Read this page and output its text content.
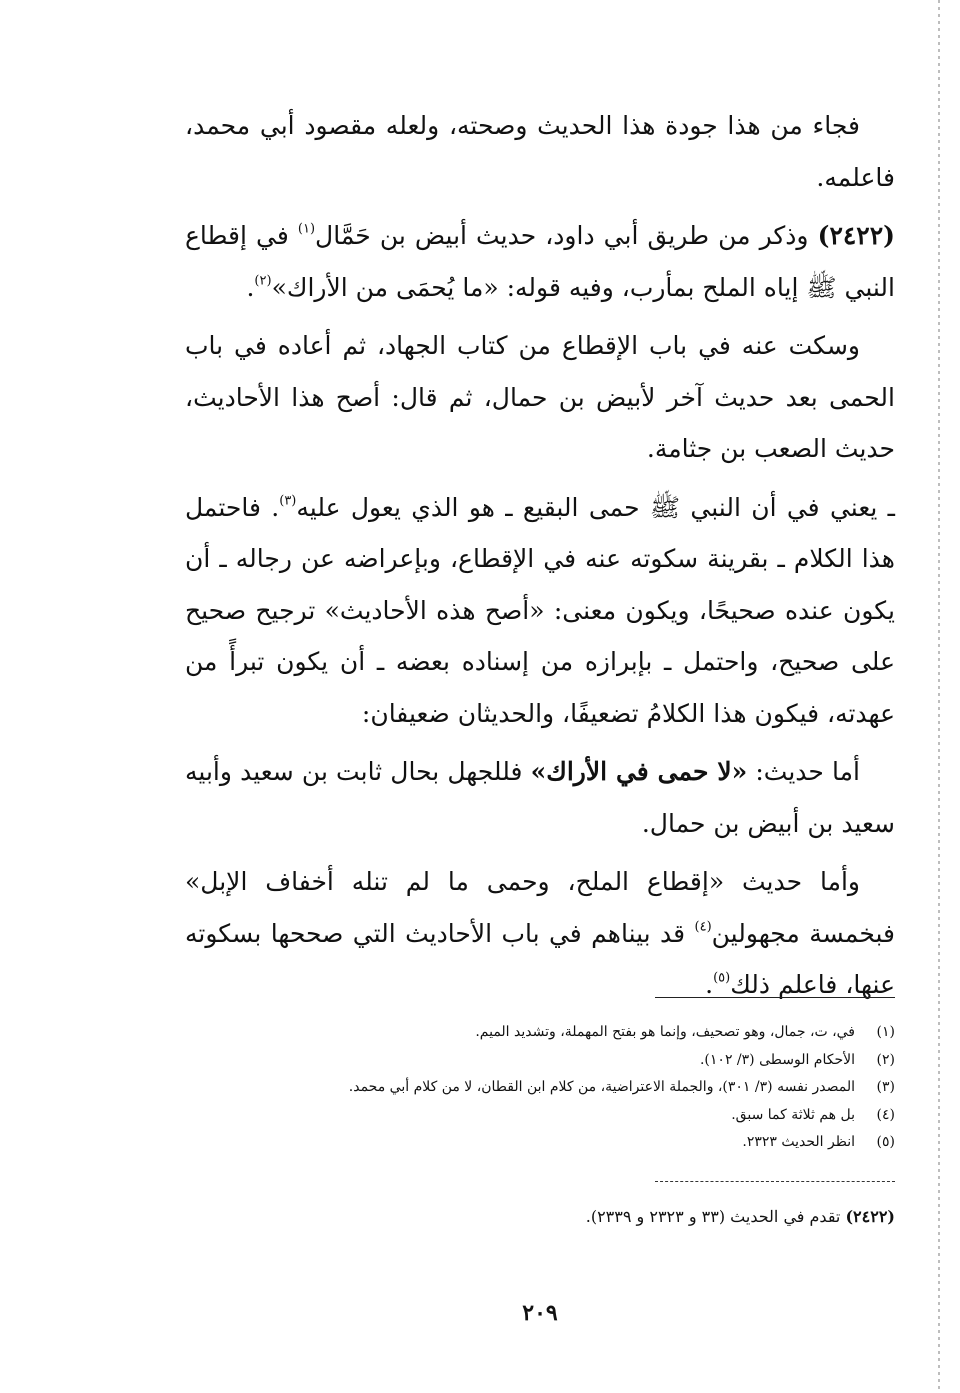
فجاء من هذا جودة هذا الحديث وصحته، ولعله مقصود أبي محمد، فاعلمه.

(٢٤٢٢) وذكر من طريق أبي داود، حديث أبيض بن حَمَّال$^{(١)}$ في إقطاع النبي ﷺ إياه الملح بمأرب، وفيه قوله: «ما يُحمَى من الأراك»$^{(٢)}$.

وسكت عنه في باب الإقطاع من كتاب الجهاد، ثم أعاده في باب الحمى بعد حديث آخر لأبيض بن حمال، ثم قال: أصح هذا الأحاديث، حديث الصعب بن جثامة.

ـ يعني في أن النبي ﷺ حمى البقيع ـ هو الذي يعول عليه$^{(٣)}$. فاحتمل هذا الكلام ـ بقرينة سكوته عنه في الإقطاع، وبإعراضه عن رجاله ـ أن يكون عنده صحيحًا، ويكون معنى: «أصح هذه الأحاديث» ترجيح صحيح على صحيح، واحتمل ـ بإبرازه من إسناده بعضه ـ أن يكون تبرأً من عهدته، فيكون هذا الكلامُ تضعيفًا، والحديثان ضعيفان:

أما حديث: «لا حمى في الأراك» فللجهل بحال ثابت بن سعيد وأبيه سعيد بن أبيض بن حمال.

وأما حديث «إقطاع الملح، وحمى ما لم تنله أخفاف الإبل» فبخمسة مجهولين$^{(٤)}$ قد بيناهم في باب الأحاديث التي صححها بسكوته عنها، فاعلم ذلك$^{(٥)}$.

(١)
في، ت، جمال، وهو تصحيف، وإنما هو بفتح المهملة، وتشديد الميم.
(٢)
الأحكام الوسطى (٣/ ١٠٢).
(٣)
المصدر نفسه (٣/ ٣٠١)، والجملة الاعتراضية، من كلام ابن القطان، لا من كلام أبي محمد.
(٤)
بل هم ثلاثة كما سبق.
(٥)
انظر الحديث ٢٣٢٣.
(٢٤٢٢) تقدم في الحديث (٣٣ و ٢٣٢٣ و ٢٣٣٩).
٢٠٩
